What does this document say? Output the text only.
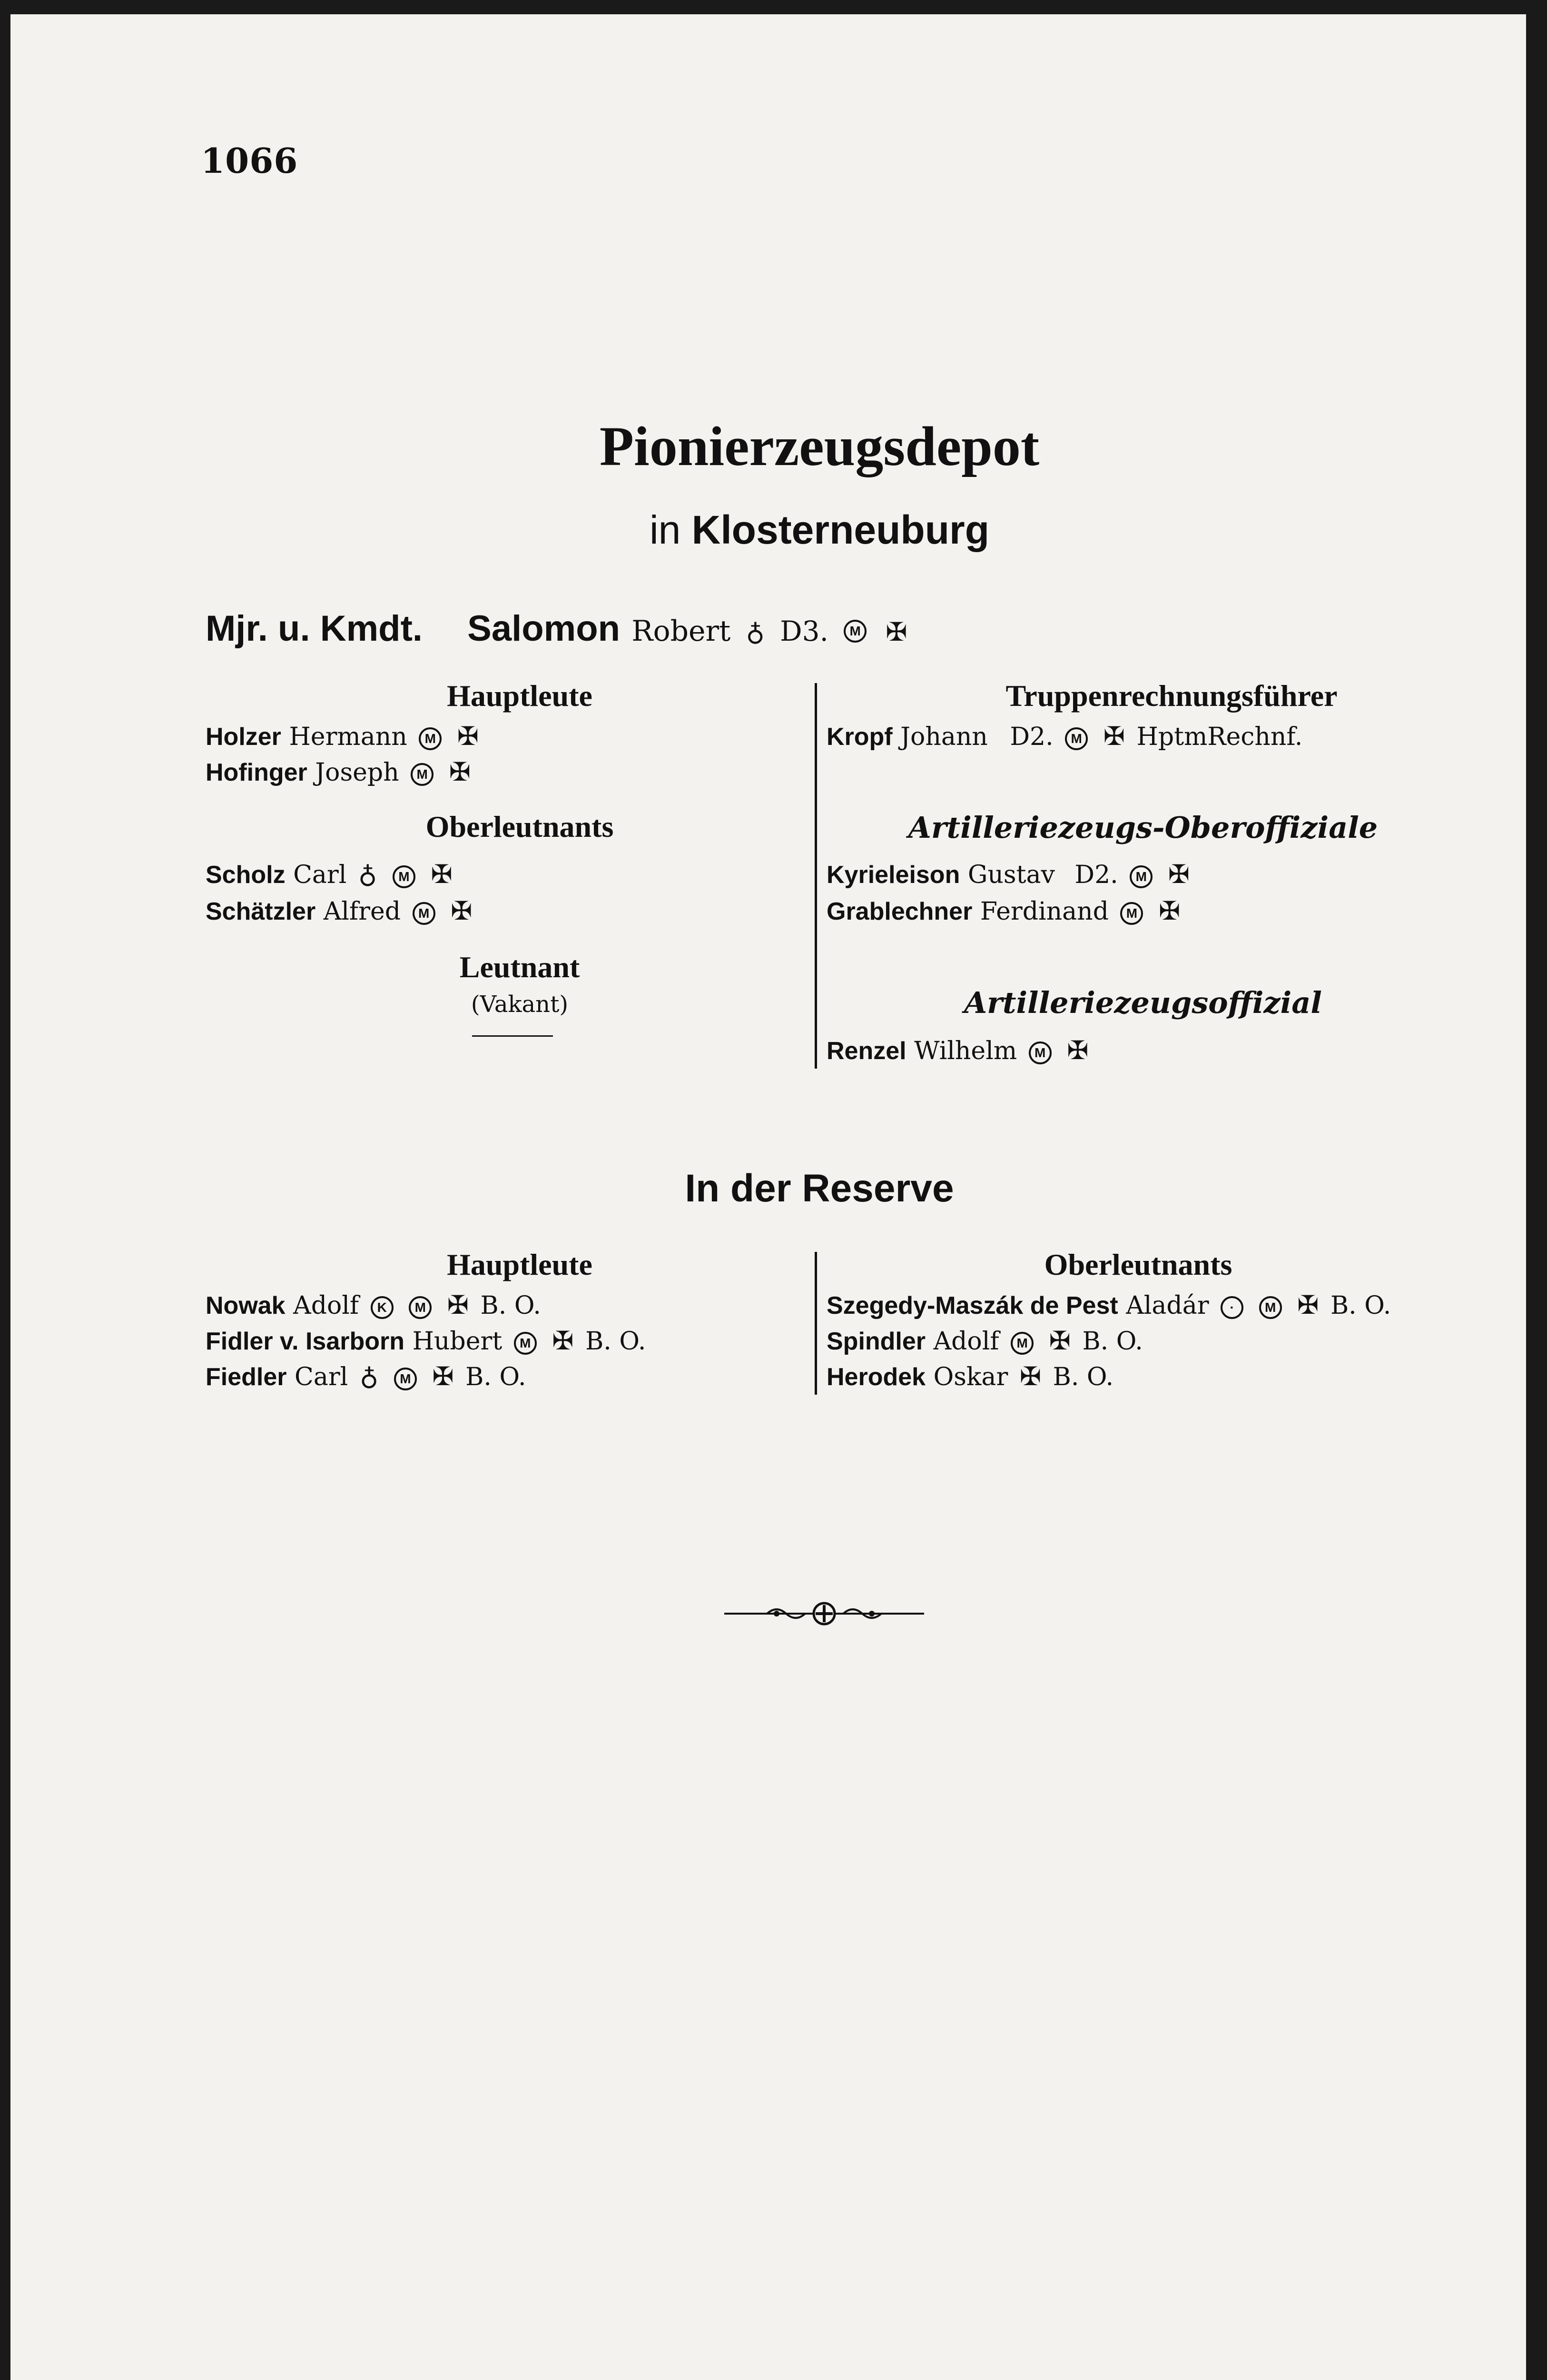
1066
Pionierzeugsdepot
in Klosterneuburg
Mjr. u. Kmdt. Salomon Robert ♁ D3. M ✠
Hauptleute
Holzer Hermann M ✠
Hofinger Joseph M ✠
Oberleutnants
Scholz Carl ♁ M ✠
Schätzler Alfred M ✠
Leutnant
(Vakant)
Truppenrechnungsführer
Kropf Johann D2. M ✠ HptmRechnf.
Artilleriezeugs-Oberoffiziale
Kyrieleison Gustav D2. M ✠
Grablechner Ferdinand M ✠
Artilleriezeugsoffizial
Renzel Wilhelm M ✠
In der Reserve
Hauptleute
Nowak Adolf K M ✠ B. O.
Fidler v. Isarborn Hubert M ✠ B. O.
Fiedler Carl ♁ M ✠ B. O.
Oberleutnants
Szegedy-Maszák de Pest Aladár · M ✠ B. O.
Spindler Adolf M ✠ B. O.
Herodek Oskar ✠ B. O.
